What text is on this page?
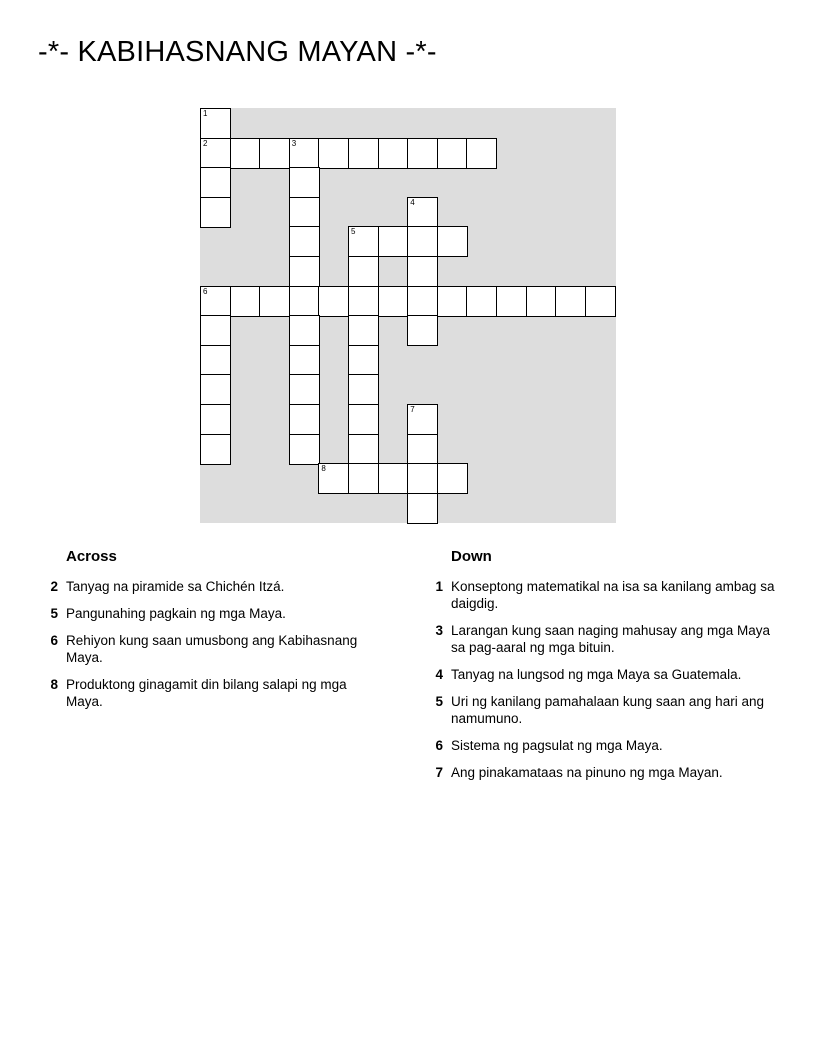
-*- KABIHASNANG MAYAN -*-
1
2	3
4
5
6
7
8
Across	Down
2 Tanyag na piramide sa Chichén Itzá.
5 Pangunahing pagkain ng mga Maya.
6 Rehiyon kung saan umusbong ang Kabihasnang Maya.
8 Produktong ginagamit din bilang salapi ng mga Maya.
1 Konseptong matematikal na isa sa kanilang ambag sa daigdig.
3 Larangan kung saan naging mahusay ang mga Maya sa pag-aaral ng mga bituin.
4 Tanyag na lungsod ng mga Maya sa Guatemala.
5 Uri ng kanilang pamahalaan kung saan ang hari ang namumuno.
6 Sistema ng pagsulat ng mga Maya.
7 Ang pinakamataas na pinuno ng mga Mayan.
